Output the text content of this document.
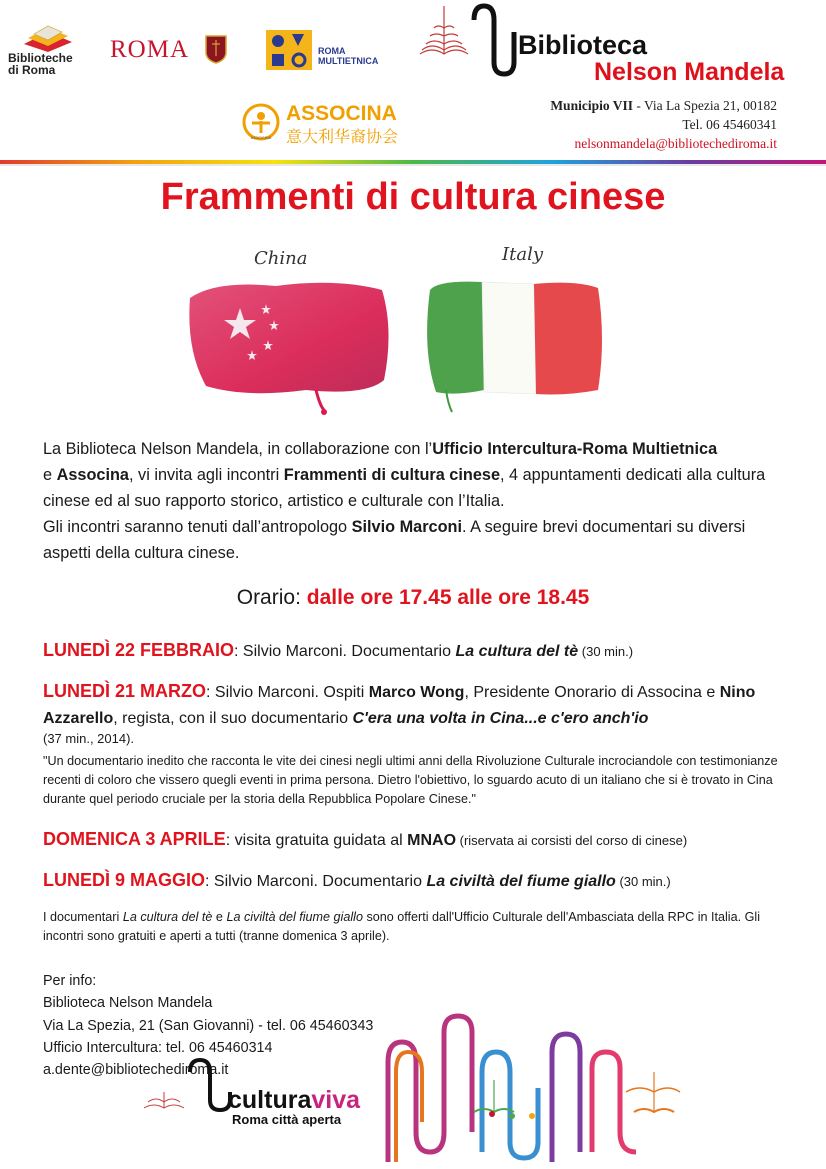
Biblioteche
di Roma
ROMA	ROMA
MULTIETNICA
ASSOCINA
ASSOCINA
意大利华裔协会
Biblioteca
Nelson Mandela
Municipio VII - Via La Spezia 21, 00182
Tel. 06 45460341
nelsonmandela@bibliotechediroma.it
Frammenti di cultura cinese
China	Italy
La Biblioteca Nelson Mandela, in collaborazione con l’Ufficio Intercultura-Roma Multietnica
e Associna, vi invita agli incontri Frammenti di cultura cinese, 4 appuntamenti dedicati alla cultura cinese ed al suo rapporto storico, artistico e culturale con l’Italia.
Gli incontri saranno tenuti dall’antropologo Silvio Marconi. A seguire brevi documentari su diversi aspetti della cultura cinese.
Orario: dalle ore 17.45 alle ore 18.45
LUNEDÌ 22 FEBBRAIO: Silvio Marconi. Documentario La cultura del tè (30 min.)
LUNEDÌ 21 MARZO: Silvio Marconi. Ospiti Marco Wong, Presidente Onorario di Associna e Nino Azzarello, regista, con il suo documentario C'era una volta in Cina...e c'ero anch'io
(37 min., 2014).
"Un documentario inedito che racconta le vite dei cinesi negli ultimi anni della Rivoluzione Culturale incrociandole con testimonianze recenti di coloro che vissero quegli eventi in prima persona. Dietro l'obiettivo, lo sguardo acuto di un italiano che si è trovato in Cina durante quel periodo cruciale per la storia della Repubblica Popolare Cinese."
DOMENICA 3 APRILE: visita gratuita guidata al MNAO (riservata ai corsisti del corso di cinese)
LUNEDÌ 9 MAGGIO: Silvio Marconi. Documentario La civiltà del fiume giallo (30 min.)
I documentari La cultura del tè e La civiltà del fiume giallo sono offerti dall'Ufficio Culturale dell'Ambasciata della RPC in Italia. Gli incontri sono gratuiti e aperti a tutti (tranne domenica 3 aprile).
Per info:
Biblioteca Nelson Mandela
Via La Spezia, 21 (San Giovanni) - tel. 06 45460343
Ufficio Intercultura: tel. 06 45460314
a.dente@bibliotechediroma.it
culturaviva
Roma città aperta
